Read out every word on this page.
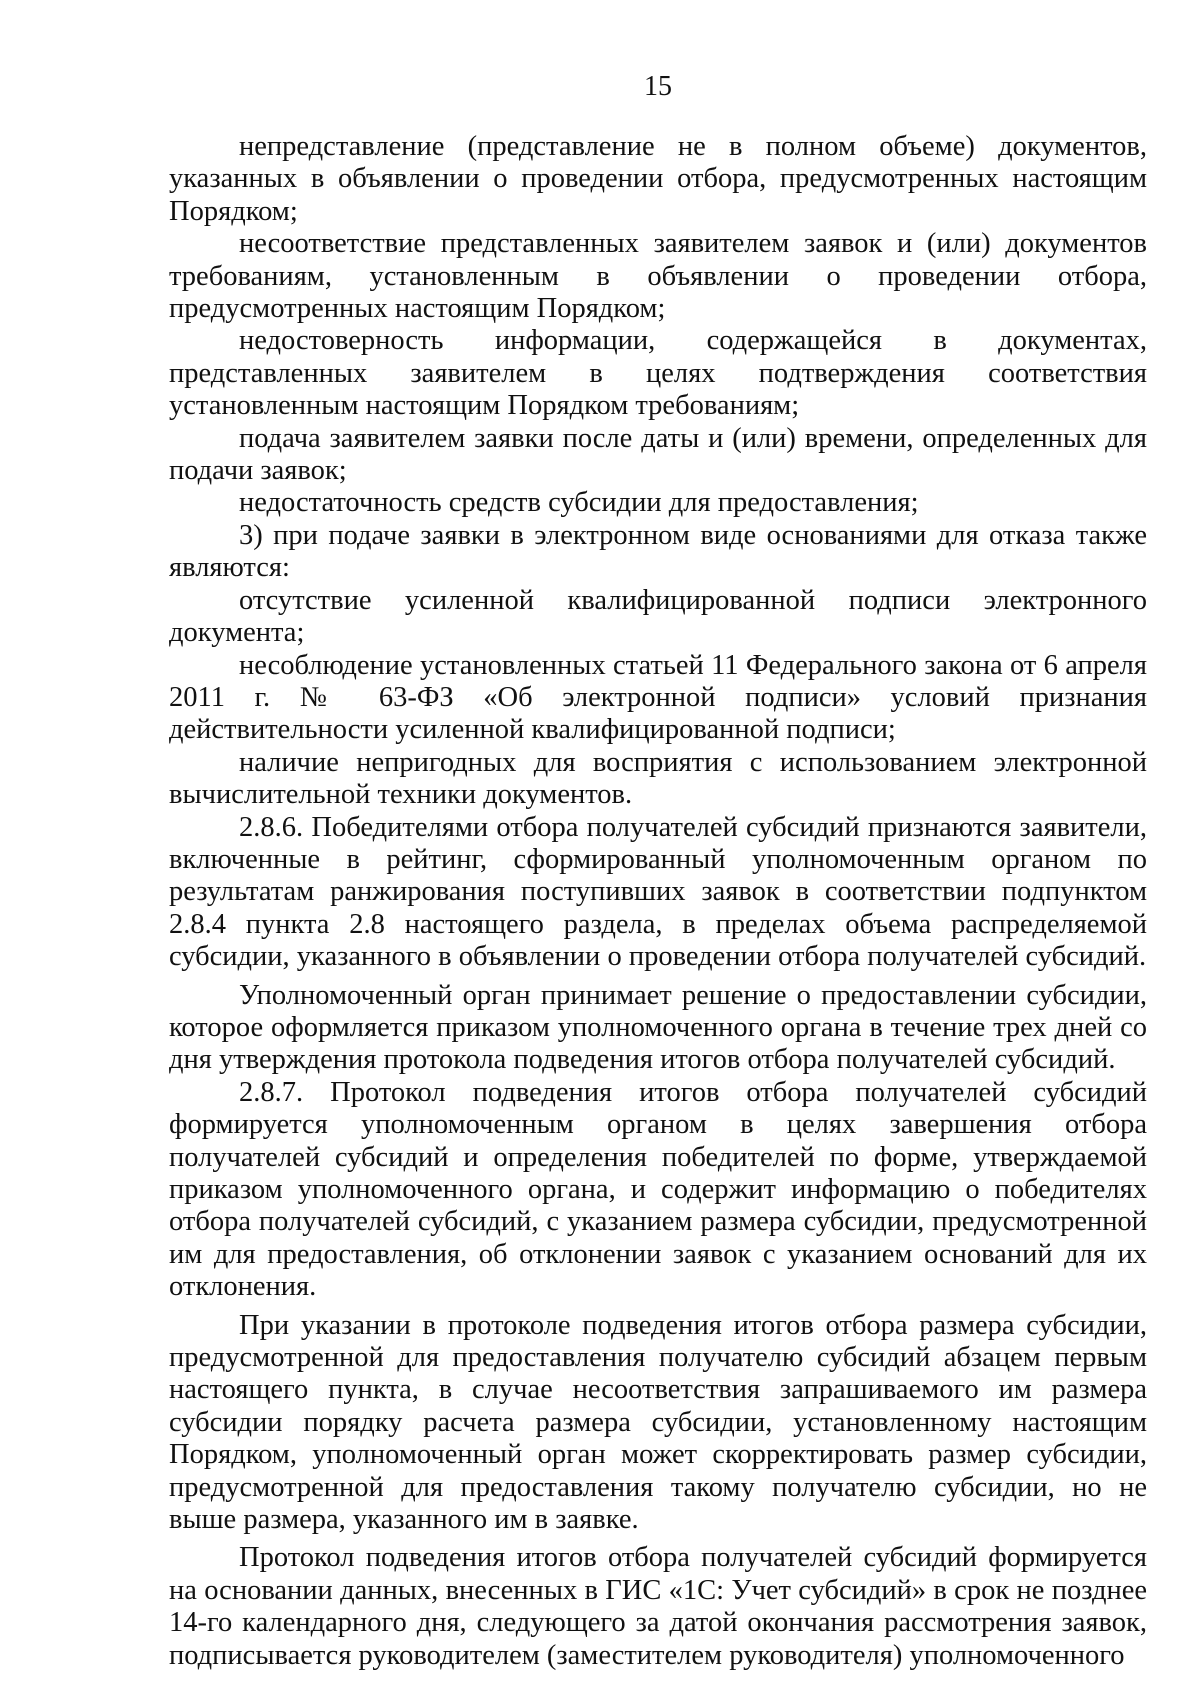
15

непредставление (представление не в полном объеме) документов, указанных в объявлении о проведении отбора, предусмотренных настоящим Порядком;

несоответствие представленных заявителем заявок и (или) документов требованиям, установленным в объявлении о проведении отбора, предусмотренных настоящим Порядком;

недостоверность информации, содержащейся в документах, представленных заявителем в целях подтверждения соответствия установленным настоящим Порядком требованиям;

подача заявителем заявки после даты и (или) времени, определенных для подачи заявок;

недостаточность средств субсидии для предоставления;

3) при подаче заявки в электронном виде основаниями для отказа также являются:

отсутствие усиленной квалифицированной подписи электронного документа;

несоблюдение установленных статьей 11 Федерального закона от 6 апреля 2011 г. № 63-ФЗ «Об электронной подписи» условий признания действительности усиленной квалифицированной подписи;

наличие непригодных для восприятия с использованием электронной вычислительной техники документов.

2.8.6. Победителями отбора получателей субсидий признаются заявители, включенные в рейтинг, сформированный уполномоченным органом по результатам ранжирования поступивших заявок в соответствии подпунктом 2.8.4 пункта 2.8 настоящего раздела, в пределах объема распределяемой субсидии, указанного в объявлении о проведении отбора получателей субсидий.

Уполномоченный орган принимает решение о предоставлении субсидии, которое оформляется приказом уполномоченного органа в течение трех дней со дня утверждения протокола подведения итогов отбора получателей субсидий.

2.8.7. Протокол подведения итогов отбора получателей субсидий формируется уполномоченным органом в целях завершения отбора получателей субсидий и определения победителей по форме, утверждаемой приказом уполномоченного органа, и содержит информацию о победителях отбора получателей субсидий, с указанием размера субсидии, предусмотренной им для предоставления, об отклонении заявок с указанием оснований для их отклонения.

При указании в протоколе подведения итогов отбора размера субсидии, предусмотренной для предоставления получателю субсидий абзацем первым настоящего пункта, в случае несоответствия запрашиваемого им размера субсидии порядку расчета размера субсидии, установленному настоящим Порядком, уполномоченный орган может скорректировать размер субсидии, предусмотренной для предоставления такому получателю субсидии, но не выше размера, указанного им в заявке.

Протокол подведения итогов отбора получателей субсидий формируется на основании данных, внесенных в ГИС «1С: Учет субсидий» в срок не позднее 14-го календарного дня, следующего за датой окончания рассмотрения заявок, подписывается руководителем (заместителем руководителя) уполномоченного
